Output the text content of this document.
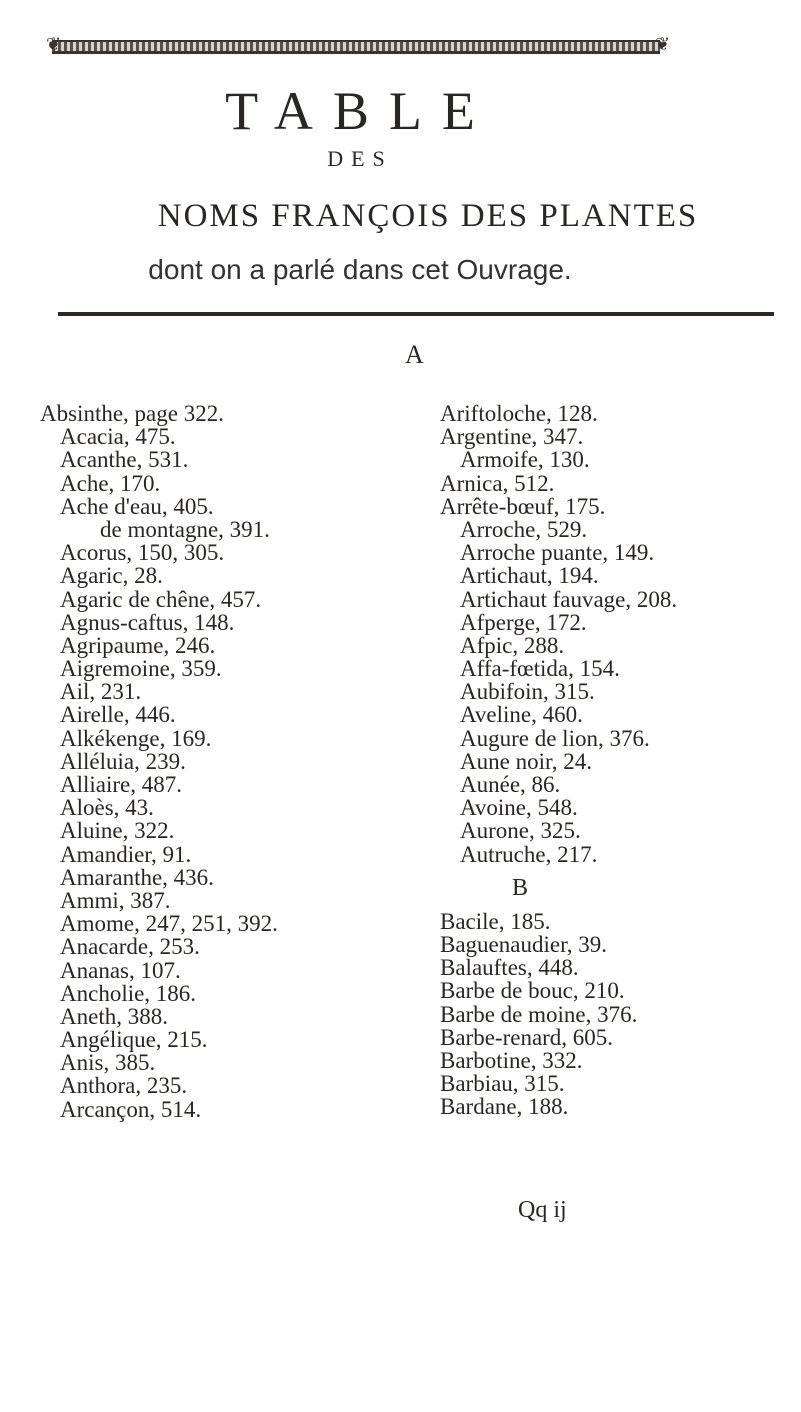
❦	❦
TABLE
DES
NOMS FRANÇOIS DES PLANTES
dont on a parlé dans cet Ouvrage.
A
Absinthe, page 322.
Acacia, 475.
Acanthe, 531.
Ache, 170.
Ache d'eau, 405.
de montagne, 391.
Acorus, 150, 305.
Agaric, 28.
Agaric de chêne, 457.
Agnus-caftus, 148.
Agripaume, 246.
Aigremoine, 359.
Ail, 231.
Airelle, 446.
Alkékenge, 169.
Alléluia, 239.
Alliaire, 487.
Aloès, 43.
Aluine, 322.
Amandier, 91.
Amaranthe, 436.
Ammi, 387.
Amome, 247, 251, 392.
Anacarde, 253.
Ananas, 107.
Ancholie, 186.
Aneth, 388.
Angélique, 215.
Anis, 385.
Anthora, 235.
Arcançon, 514.
Ariftoloche, 128.
Argentine, 347.
Armoife, 130.
Arnica, 512.
Arrête-bœuf, 175.
Arroche, 529.
Arroche puante, 149.
Artichaut, 194.
Artichaut fauvage, 208.
Afperge, 172.
Afpic, 288.
Affa-fœtida, 154.
Aubifoin, 315.
Aveline, 460.
Augure de lion, 376.
Aune noir, 24.
Aunée, 86.
Avoine, 548.
Aurone, 325.
Autruche, 217.
B
Bacile, 185.
Baguenaudier, 39.
Balauftes, 448.
Barbe de bouc, 210.
Barbe de moine, 376.
Barbe-renard, 605.
Barbotine, 332.
Barbiau, 315.
Bardane, 188.
Qq ij
